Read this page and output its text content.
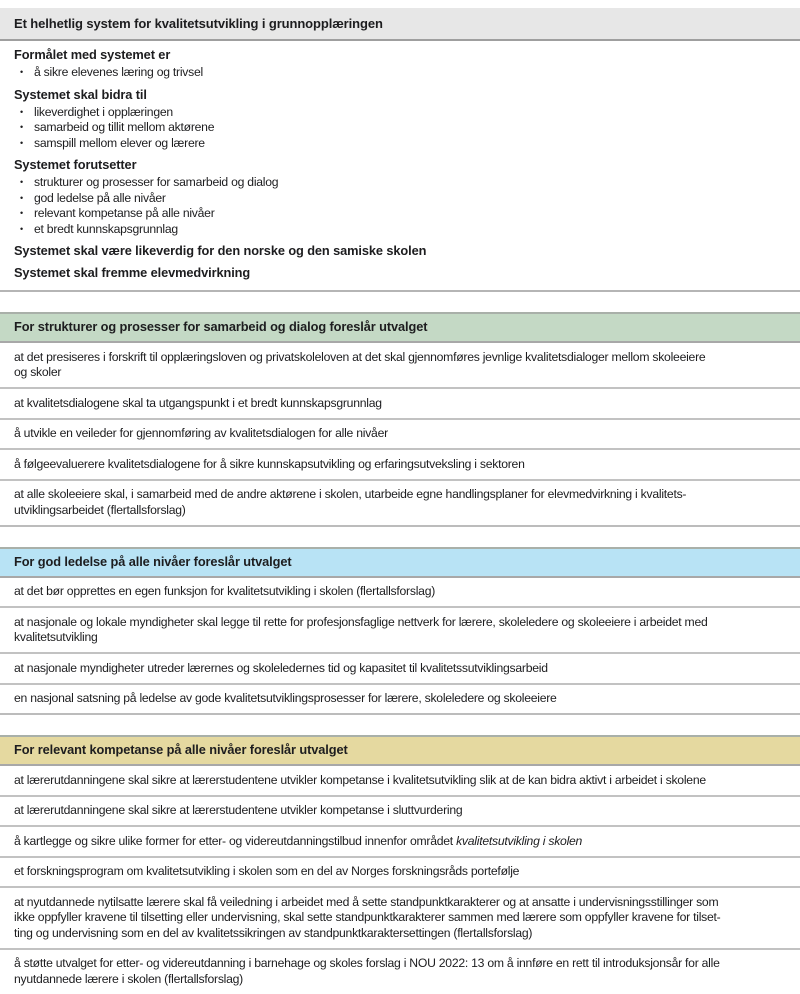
Et helhetlig system for kvalitetsutvikling i grunnopplæringen
Formålet med systemet er
• å sikre elevenes læring og trivsel
Systemet skal bidra til
• likeverdighet i opplæringen
• samarbeid og tillit mellom aktørene
• samspill mellom elever og lærere
Systemet forutsetter
• strukturer og prosesser for samarbeid og dialog
• god ledelse på alle nivåer
• relevant kompetanse på alle nivåer
• et bredt kunnskapsgrunnlag
Systemet skal være likeverdig for den norske og den samiske skolen
Systemet skal fremme elevmedvirkning
For strukturer og prosesser for samarbeid og dialog foreslår utvalget
at det presiseres i forskrift til opplæringsloven og privatskoleloven at det skal gjennomføres jevnlige kvalitetsdialoger mellom skoleeiere
og skoler
at kvalitetsdialogene skal ta utgangspunkt i et bredt kunnskapsgrunnlag
å utvikle en veileder for gjennomføring av kvalitetsdialogen for alle nivåer
å følgeevaluerere kvalitetsdialogene for å sikre kunnskapsutvikling og erfaringsutveksling i sektoren
at alle skoleeiere skal, i samarbeid med de andre aktørene i skolen, utarbeide egne handlingsplaner for elevmedvirkning i kvalitets-
utviklingsarbeidet (flertallsforslag)
For god ledelse på alle nivåer foreslår utvalget
at det bør opprettes en egen funksjon for kvalitetsutvikling i skolen (flertallsforslag)
at nasjonale og lokale myndigheter skal legge til rette for profesjonsfaglige nettverk for lærere, skoleledere og skoleeiere i arbeidet med
kvalitetsutvikling
at nasjonale myndigheter utreder lærernes og skoleledernes tid og kapasitet til kvalitetssutviklingsarbeid
en nasjonal satsning på ledelse av gode kvalitetsutviklingsprosesser for lærere, skoleledere og skoleeiere
For relevant kompetanse på alle nivåer foreslår utvalget
at lærerutdanningene skal sikre at lærerstudentene utvikler kompetanse i kvalitetsutvikling slik at de kan bidra aktivt i arbeidet i skolene
at lærerutdanningene skal sikre at lærerstudentene utvikler kompetanse i sluttvurdering
å kartlegge og sikre ulike former for etter- og videreutdanningstilbud innenfor området kvalitetsutvikling i skolen
et forskningsprogram om kvalitetsutvikling i skolen som en del av Norges forskningsråds portefølje
at nyutdannede nytilsatte lærere skal få veiledning i arbeidet med å sette standpunktkarakterer og at ansatte i undervisningsstillinger som
ikke oppfyller kravene til tilsetting eller undervisning, skal sette standpunktkarakterer sammen med lærere som oppfyller kravene for tilset-
ting og undervisning som en del av kvalitetssikringen av standpunktkaraktersettingen (flertallsforslag)
å støtte utvalget for etter- og videreutdanning i barnehage og skoles forslag i NOU 2022: 13 om å innføre en rett til introduksjonsår for alle
nyutdannede lærere i skolen (flertallsforslag)
